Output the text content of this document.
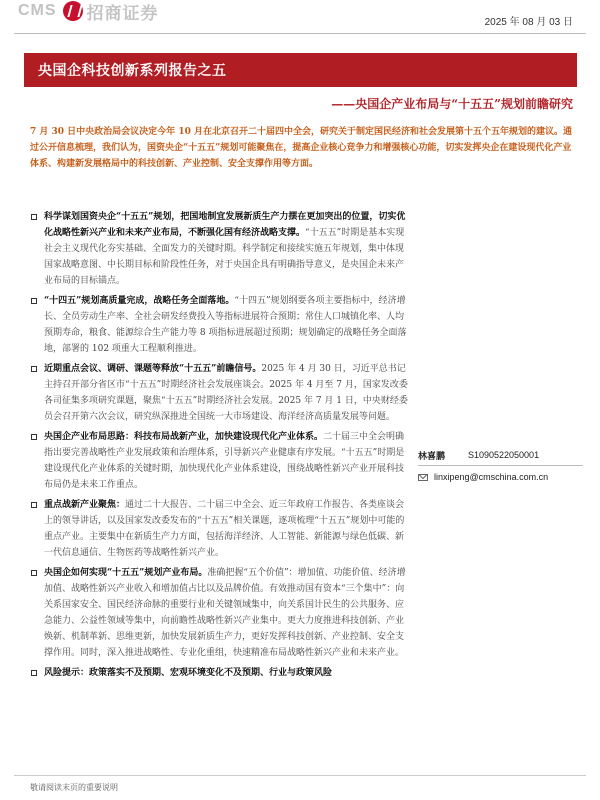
CMS 招商证券	2025 年 08 月 03 日
央国企科技创新系列报告之五
——央国企产业布局与“十五五”规划前瞻研究

7 月 30 日中央政治局会议决定今年 10 月在北京召开二十届四中全会，研究关于制定国民经济和社会发展第十五个五年规划的建议。通过公开信息梳理，我们认为，国资央企“十五五”规划可能聚焦在，提高企业核心竞争力和增强核心功能，切实发挥央企在建设现代化产业体系、构建新发展格局中的科技创新、产业控制、安全支撑作用等方面。

科学谋划国资央企“十五五”规划，把国地制宜发展新质生产力摆在更加突出的位置，切实优化战略性新兴产业和未来产业布局，不断强化国有经济战略支撑。“十五五”时期是基本实现社会主义现代化夯实基础、全面发力的关键时期。科学制定和接续实施五年规划，集中体现国家战略意图、中长期目标和阶段性任务，对于央国企具有明确指导意义，是央国企未来产业布局的目标锚点。
“十四五”规划高质量完成，战略任务全面落地。“十四五”规划纲要各项主要指标中，经济增长、全员劳动生产率、全社会研发经费投入等指标进展符合预期；常住人口城镇化率、人均预期寿命，粮食、能源综合生产能力等 8 项指标进展超过预期；规划确定的战略任务全面落地，部署的 102 项重大工程顺利推进。
近期重点会议、调研、课题等释放“十五五”前瞻信号。2025 年 4 月 30 日，习近平总书记主持召开部分省区市“十五五”时期经济社会发展座谈会。2025 年 4 月至 7 月，国家发改委各司征集多项研究课题，聚焦“十五五”时期经济社会发展。2025 年 7 月 1 日，中央财经委员会召开第六次会议，研究纵深推进全国统一大市场建设、海洋经济高质量发展等问题。
央国企产业布局思路：科技布局战新产业，加快建设现代化产业体系。二十届三中全会明确指出要完善战略性产业发展政策和治理体系，引导新兴产业健康有序发展。“十五五”时期是建设现代化产业体系的关键时期，加快现代化产业体系建设，围绕战略性新兴产业开展科技布局仍是未来工作重点。
重点战新产业聚焦：通过二十大报告、二十届三中全会、近三年政府工作报告、各类座谈会上的领导讲话，以及国家发改委发布的“十五五”相关课题，逐项梳理“十五五”规划中可能的重点产业。主要集中在新质生产力方面，包括海洋经济、人工智能、新能源与绿色低碳、新一代信息通信、生物医药等战略性新兴产业。
央国企如何实现“十五五”规划产业布局。准确把握“五个价值”：增加值、功能价值、经济增加值、战略性新兴产业收入和增加值占比以及品牌价值。有效推动国有资本“三个集中”：向关系国家安全、国民经济命脉的重要行业和关键领域集中，向关系国计民生的公共服务、应急能力、公益性领域等集中，向前瞻性战略性新兴产业集中。更大力度推进科技创新、产业焕新、机制革新、思维更新，加快发展新质生产力，更好发挥科技创新、产业控制、安全支撑作用。同时，深入推进战略性、专业化重组，快速精准布局战略性新兴产业和未来产业。
风险提示：政策落实不及预期、宏观环境变化不及预期、行业与政策风险
林喜鹏	S1090522050001
linxipeng@cmschina.com.cn
敬请阅读末页的重要说明
